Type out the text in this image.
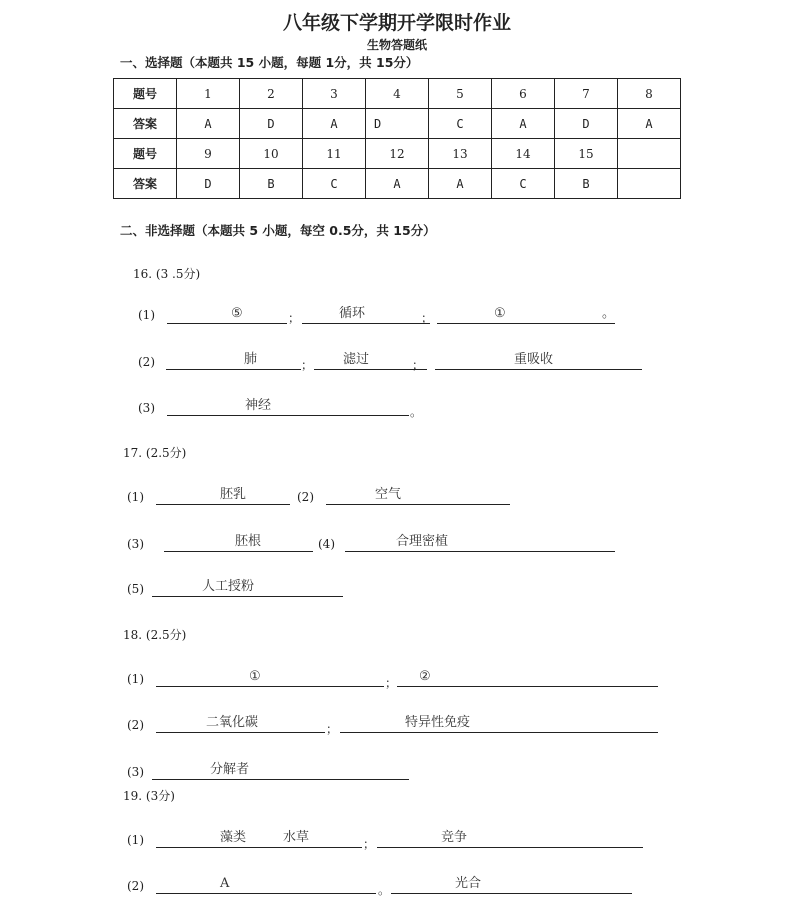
八年级下学期开学限时作业
生物答题纸
一、选择题（本题共 15 小题，每题 1分，共 15分）
题号	1	2	3	4	5	6	7	8
答案	A	D	A	D	C	A	D	A
题号	9	10	11	12	13	14	15	
答案	D	B	C	A	A	C	B	
二、非选择题（本题共 5 小题，每空 0.5分，共 15分）
16. (3 .5分)
(1)	⑤	；	循环	；	①	。
(2)	肺	； 滤过	；	重吸收
(3)	神经	。
17. (2.5分)
(1)	胚乳	(2)	空气
(3)	胚根	(4)	合理密植
(5)	人工授粉
18. (2.5分)
(1)	①	； ②
(2)	二氧化碳	；	特异性免疫
(3)	分解者
19. (3分)
(1)	藻类	水草	；	竞争
(2)	A	。	光合
